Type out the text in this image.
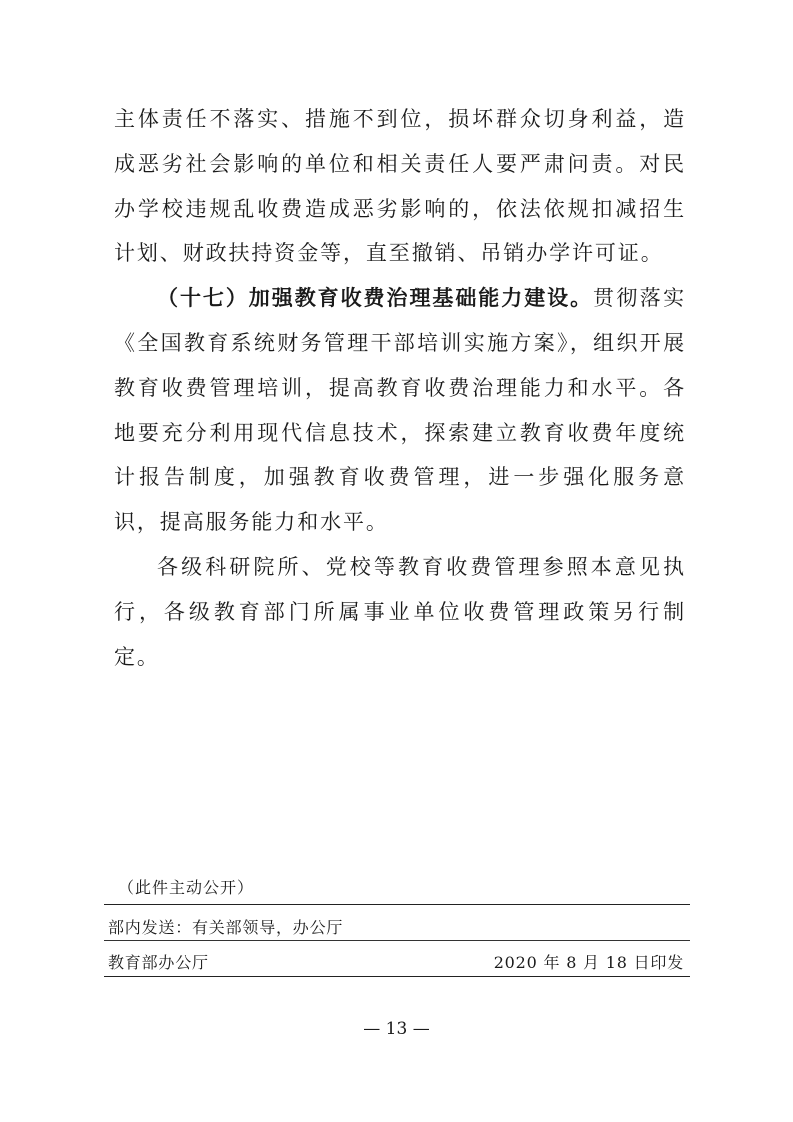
主体责任不落实、措施不到位，损坏群众切身利益，造成恶劣社会影响的单位和相关责任人要严肃问责。对民办学校违规乱收费造成恶劣影响的，依法依规扣减招生计划、财政扶持资金等，直至撤销、吊销办学许可证。

（十七）加强教育收费治理基础能力建设。贯彻落实《全国教育系统财务管理干部培训实施方案》，组织开展教育收费管理培训，提高教育收费治理能力和水平。各地要充分利用现代信息技术，探索建立教育收费年度统计报告制度，加强教育收费管理，进一步强化服务意识，提高服务能力和水平。

各级科研院所、党校等教育收费管理参照本意见执行，各级教育部门所属事业单位收费管理政策另行制定。

（此件主动公开）
部内发送：有关部领导，办公厅
教育部办公厅	2020 年 8 月 18 日印发
— 13 —
